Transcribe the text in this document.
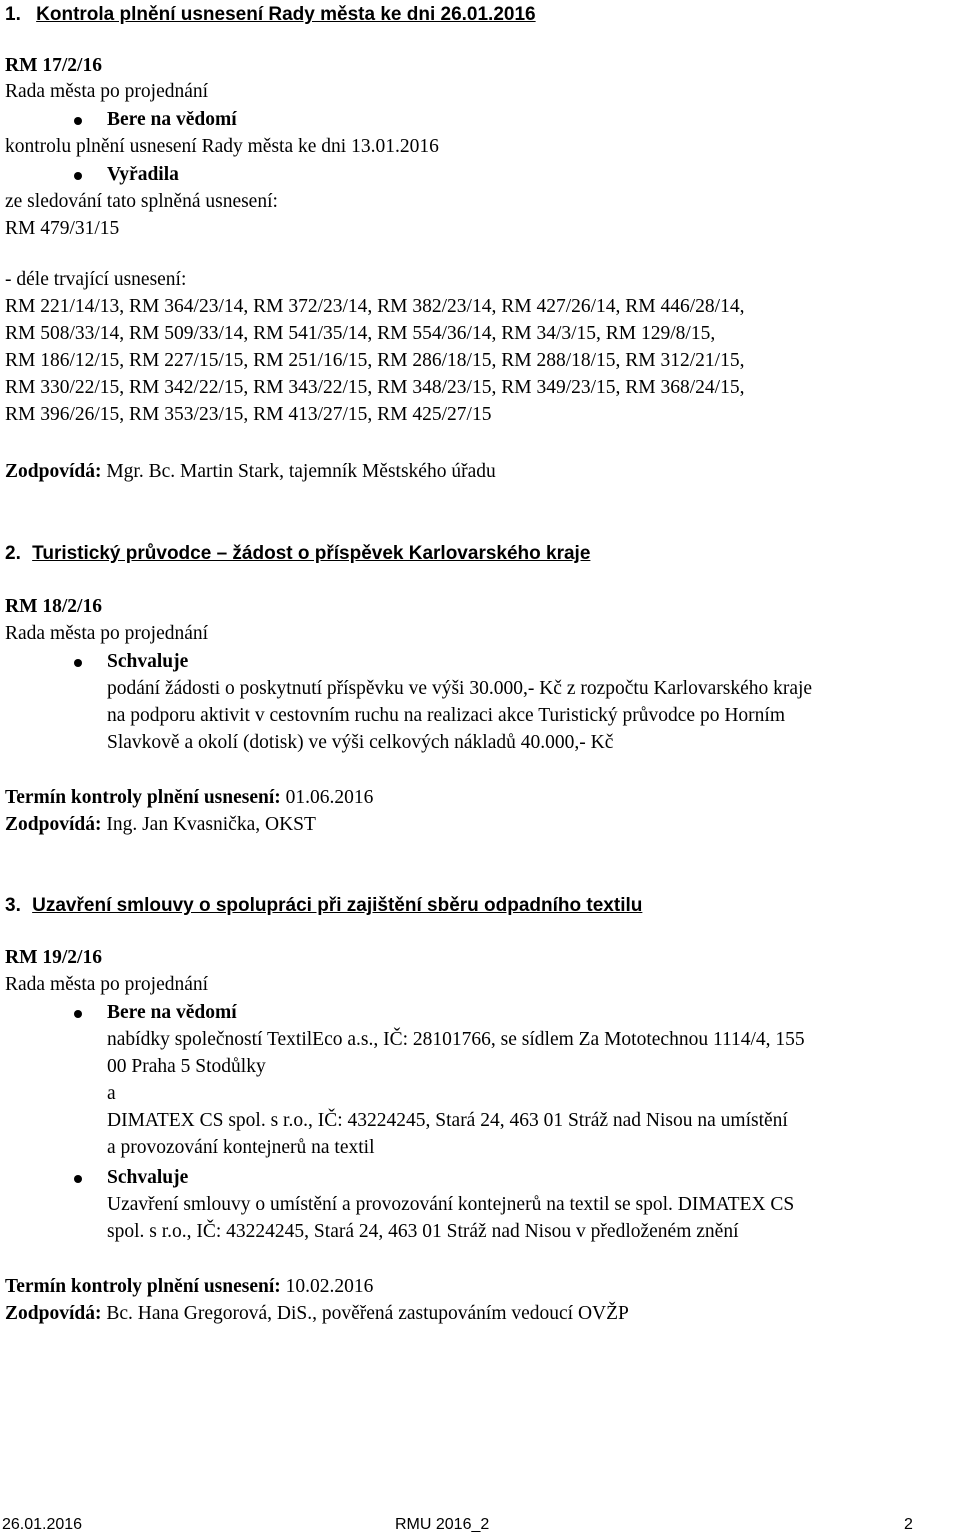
1. Kontrola plnění usnesení Rady města ke dni 26.01.2016
RM 17/2/16
Rada města po projednání
Bere na vědomí
kontrolu plnění usnesení Rady města ke dni 13.01.2016
Vyřadila
ze sledování tato splněná usnesení:
RM 479/31/15
- déle trvající usnesení:
RM 221/14/13, RM 364/23/14, RM 372/23/14, RM 382/23/14, RM 427/26/14, RM 446/28/14,
RM 508/33/14, RM 509/33/14, RM 541/35/14, RM 554/36/14, RM 34/3/15, RM 129/8/15,
RM 186/12/15, RM 227/15/15, RM 251/16/15, RM 286/18/15, RM 288/18/15, RM 312/21/15,
RM 330/22/15, RM 342/22/15, RM 343/22/15, RM 348/23/15, RM 349/23/15, RM 368/24/15,
RM 396/26/15, RM 353/23/15, RM 413/27/15, RM 425/27/15
Zodpovídá: Mgr. Bc. Martin Stark, tajemník Městského úřadu
2. Turistický průvodce – žádost o příspěvek Karlovarského kraje
RM 18/2/16
Rada města po projednání
Schvaluje
podání žádosti o poskytnutí příspěvku ve výši 30.000,- Kč z rozpočtu Karlovarského kraje
na podporu aktivit v cestovním ruchu na realizaci akce Turistický průvodce po Horním
Slavkově a okolí (dotisk) ve výši celkových nákladů 40.000,- Kč
Termín kontroly plnění usnesení: 01.06.2016
Zodpovídá: Ing. Jan Kvasnička, OKST
3. Uzavření smlouvy o spolupráci při zajištění sběru odpadního textilu
RM 19/2/16
Rada města po projednání
Bere na vědomí
nabídky společností TextilEco a.s., IČ: 28101766, se sídlem Za Mototechnou 1114/4, 155
00 Praha 5 Stodůlky
a
DIMATEX CS spol. s r.o., IČ: 43224245, Stará 24, 463 01 Stráž nad Nisou na umístění
a provozování kontejnerů na textil
Schvaluje
Uzavření smlouvy o umístění a provozování kontejnerů na textil se spol. DIMATEX CS
spol. s r.o., IČ: 43224245, Stará 24, 463 01 Stráž nad Nisou v předloženém znění
Termín kontroly plnění usnesení: 10.02.2016
Zodpovídá: Bc. Hana Gregorová, DiS., pověřená zastupováním vedoucí OVŽP
26.01.2016	RMU 2016_2	2
